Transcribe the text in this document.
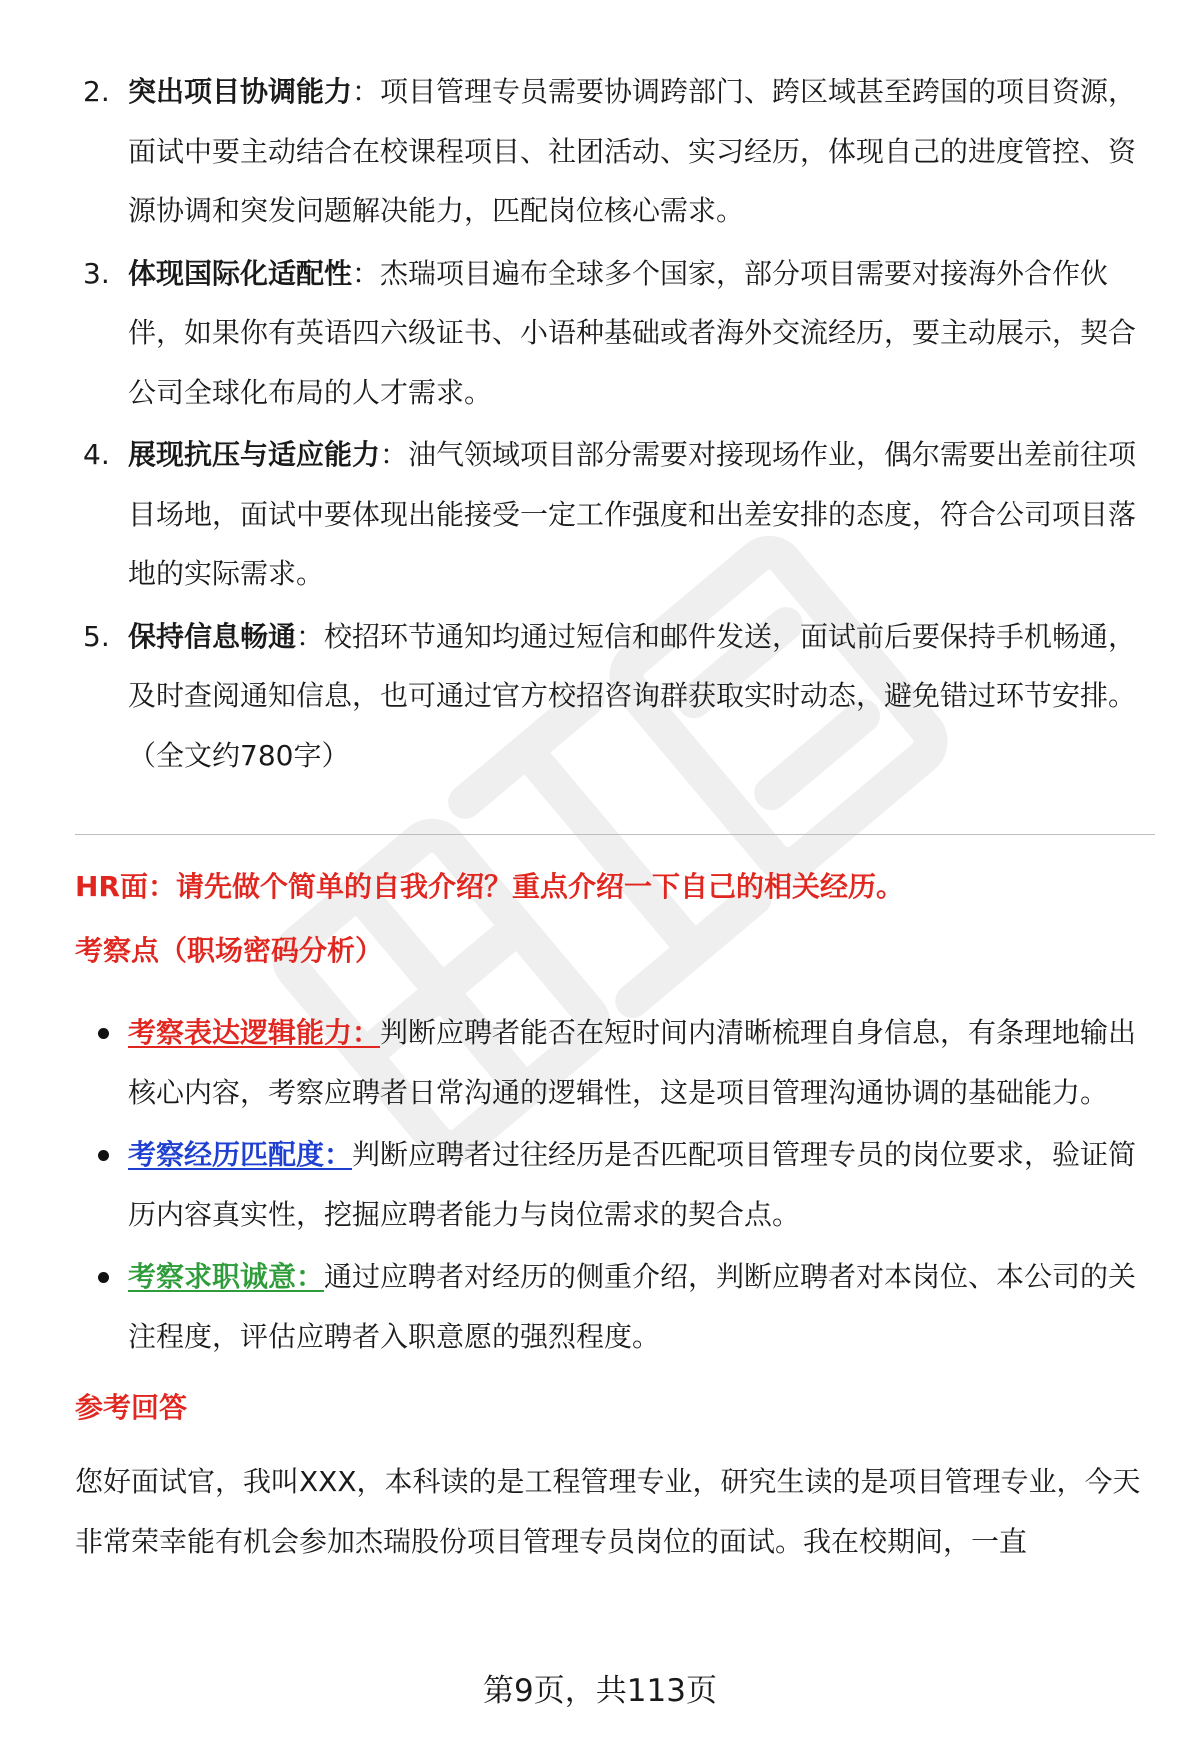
2. 突出项目协调能力：项目管理专员需要协调跨部门、跨区域甚至跨国的项目资源，面试中要主动结合在校课程项目、社团活动、实习经历，体现自己的进度管控、资源协调和突发问题解决能力，匹配岗位核心需求。
3. 体现国际化适配性：杰瑞项目遍布全球多个国家，部分项目需要对接海外合作伙伴，如果你有英语四六级证书、小语种基础或者海外交流经历，要主动展示，契合公司全球化布局的人才需求。
4. 展现抗压与适应能力：油气领域项目部分需要对接现场作业，偶尔需要出差前往项目场地，面试中要体现出能接受一定工作强度和出差安排的态度，符合公司项目落地的实际需求。
5. 保持信息畅通：校招环节通知均通过短信和邮件发送，面试前后要保持手机畅通，及时查阅通知信息，也可通过官方校招咨询群获取实时动态，避免错过环节安排。（全文约780字）
HR面：请先做个简单的自我介绍？重点介绍一下自己的相关经历。
考察点（职场密码分析）
考察表达逻辑能力：判断应聘者能否在短时间内清晰梳理自身信息，有条理地输出核心内容，考察应聘者日常沟通的逻辑性，这是项目管理沟通协调的基础能力。
考察经历匹配度：判断应聘者过往经历是否匹配项目管理专员的岗位要求，验证简历内容真实性，挖掘应聘者能力与岗位需求的契合点。
考察求职诚意：通过应聘者对经历的侧重介绍，判断应聘者对本岗位、本公司的关注程度，评估应聘者入职意愿的强烈程度。
参考回答
您好面试官，我叫XXX，本科读的是工程管理专业，研究生读的是项目管理专业，今天非常荣幸能有机会参加杰瑞股份项目管理专员岗位的面试。我在校期间，一直
第9页，共113页
